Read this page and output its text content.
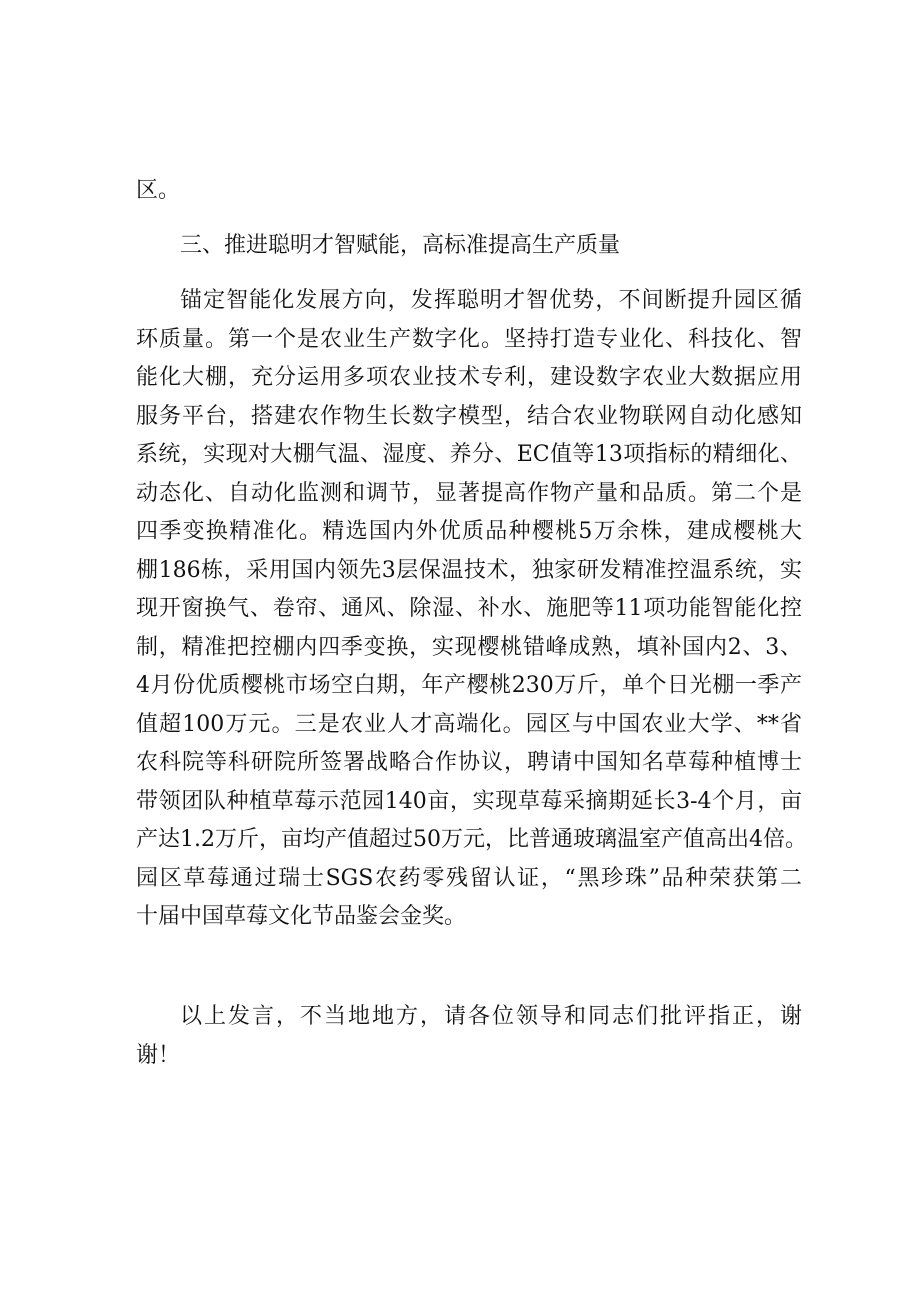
区。

三、推进聪明才智赋能，高标准提高生产质量

锚定智能化发展方向，发挥聪明才智优势，不间断提升园区循
环质量。第一个是农业生产数字化。坚持打造专业化、科技化、智
能化大棚，充分运用多项农业技术专利，建设数字农业大数据应用
服务平台，搭建农作物生长数字模型，结合农业物联网自动化感知
系统，实现对大棚气温、湿度、养分、EC值等13项指标的精细化、
动态化、自动化监测和调节，显著提高作物产量和品质。第二个是
四季变换精准化。精选国内外优质品种樱桃5万余株，建成樱桃大
棚186栋，采用国内领先3层保温技术，独家研发精准控温系统，实
现开窗换气、卷帘、通风、除湿、补水、施肥等11项功能智能化控
制，精准把控棚内四季变换，实现樱桃错峰成熟，填补国内2、3、
4月份优质樱桃市场空白期，年产樱桃230万斤，单个日光棚一季产
值超100万元。三是农业人才高端化。园区与中国农业大学、**省
农科院等科研院所签署战略合作协议，聘请中国知名草莓种植博士
带领团队种植草莓示范园140亩，实现草莓采摘期延长3-4个月，亩
产达1.2万斤，亩均产值超过50万元，比普通玻璃温室产值高出4倍。
园区草莓通过瑞士SGS农药零残留认证，“黑珍珠”品种荣获第二
十届中国草莓文化节品鉴会金奖。

以上发言，不当地地方，请各位领导和同志们批评指正，谢
谢！
